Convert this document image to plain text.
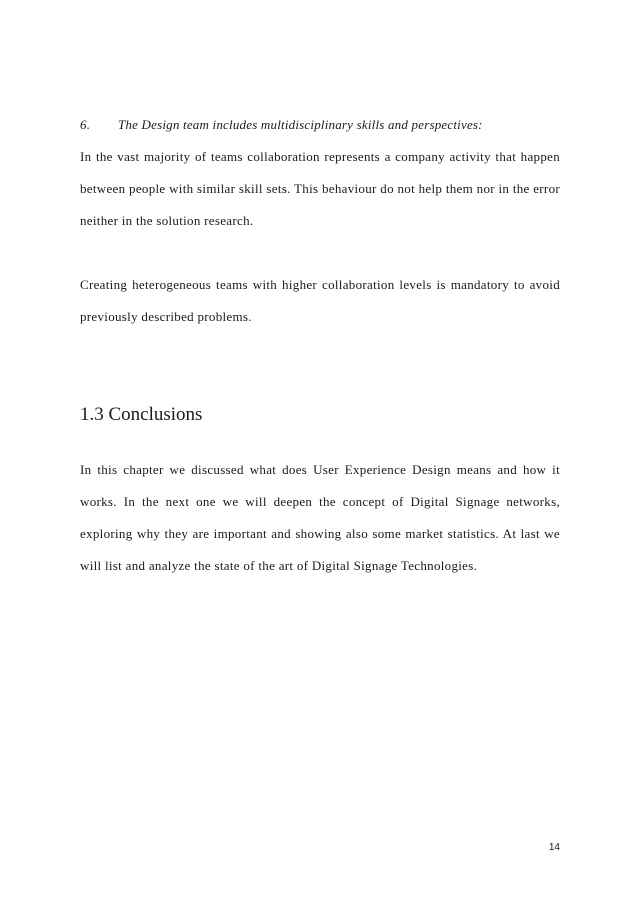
6. The Design team includes multidisciplinary skills and perspectives:

In the vast majority of teams collaboration represents a company activity that happen between people with similar skill sets. This behaviour do not help them nor in the error neither in the solution research.

Creating heterogeneous teams with higher collaboration levels is mandatory to avoid previously described problems.

1.3 Conclusions

In this chapter we discussed what does User Experience Design means and how it works. In the next one we will deepen the concept of Digital Signage networks, exploring why they are important and showing also some market statistics. At last we will list and analyze the state of the art of Digital Signage Technologies.

14
